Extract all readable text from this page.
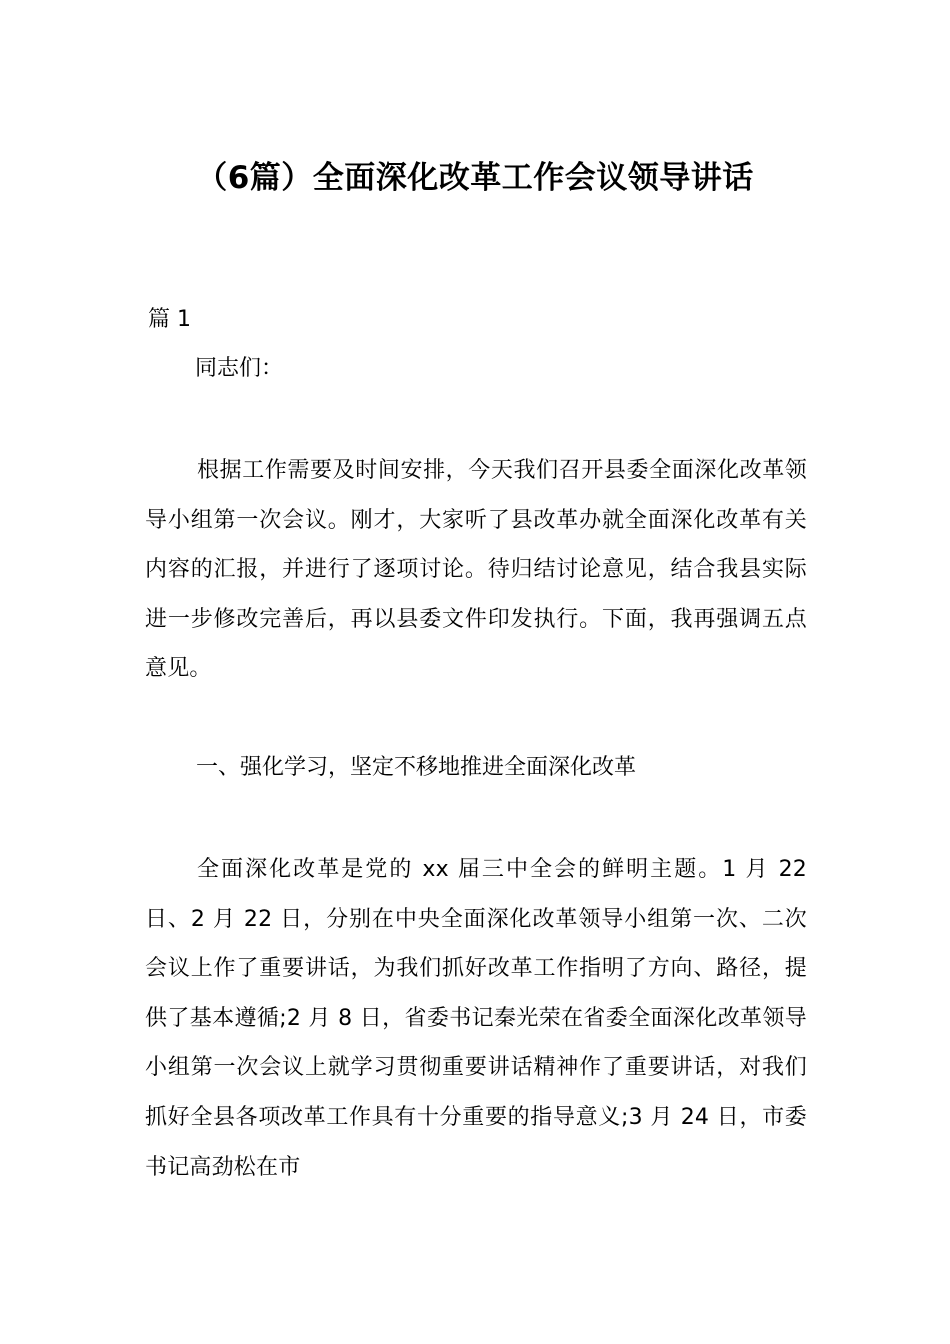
（6篇）全面深化改革工作会议领导讲话

篇 1

同志们：

根据工作需要及时间安排，今天我们召开县委全面深化改革领导小组第一次会议。刚才，大家听了县改革办就全面深化改革有关内容的汇报，并进行了逐项讨论。待归结讨论意见，结合我县实际进一步修改完善后，再以县委文件印发执行。下面，我再强调五点意见。

一、强化学习，坚定不移地推进全面深化改革

全面深化改革是党的 xx 届三中全会的鲜明主题。1 月 22 日、2 月 22 日，分别在中央全面深化改革领导小组第一次、二次会议上作了重要讲话，为我们抓好改革工作指明了方向、路径，提供了基本遵循;2 月 8 日，省委书记秦光荣在省委全面深化改革领导小组第一次会议上就学习贯彻重要讲话精神作了重要讲话，对我们抓好全县各项改革工作具有十分重要的指导意义;3 月 24 日，市委书记高劲松在市
